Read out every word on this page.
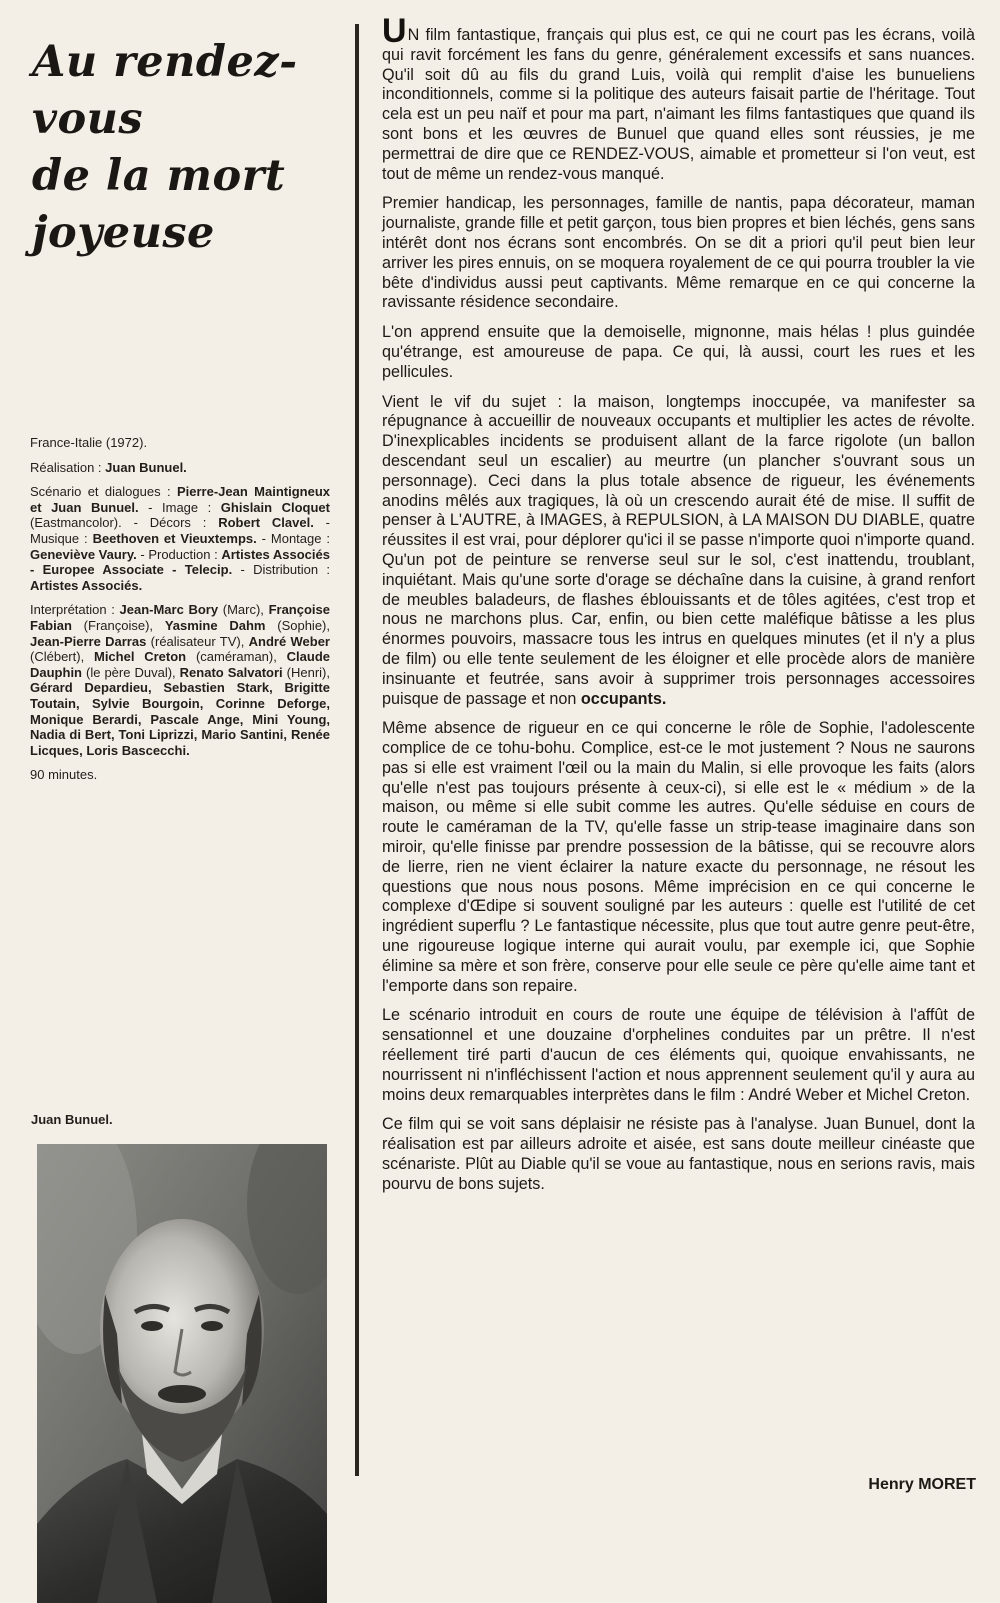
Au rendez-vous
de la mort
joyeuse

France-Italie (1972).

Réalisation : Juan Bunuel.

Scénario et dialogues : Pierre-Jean Maintigneux et Juan Bunuel. - Image : Ghislain Cloquet (Eastmancolor). - Décors : Robert Clavel. - Musique : Beethoven et Vieuxtemps. - Montage : Geneviève Vaury. - Production : Artistes Associés - Europee Associate - Telecip. - Distribution : Artistes Associés.

Interprétation : Jean-Marc Bory (Marc), Françoise Fabian (Françoise), Yasmine Dahm (Sophie), Jean-Pierre Darras (réalisateur TV), André Weber (Clébert), Michel Creton (caméraman), Claude Dauphin (le père Duval), Renato Salvatori (Henri), Gérard Depardieu, Sebastien Stark, Brigitte Toutain, Sylvie Bourgoin, Corinne Deforge, Monique Berardi, Pascale Ange, Mini Young, Nadia di Bert, Toni Liprizzi, Mario Santini, Renée Licques, Loris Bascecchi.

90 minutes.

Juan Bunuel.

UN film fantastique, français qui plus est, ce qui ne court pas les écrans, voilà qui ravit forcément les fans du genre, généralement excessifs et sans nuances. Qu'il soit dû au fils du grand Luis, voilà qui remplit d'aise les bunueliens inconditionnels, comme si la politique des auteurs faisait partie de l'héritage. Tout cela est un peu naïf et pour ma part, n'aimant les films fantastiques que quand ils sont bons et les œuvres de Bunuel que quand elles sont réussies, je me permettrai de dire que ce RENDEZ-VOUS, aimable et prometteur si l'on veut, est tout de même un rendez-vous manqué.

Premier handicap, les personnages, famille de nantis, papa décorateur, maman journaliste, grande fille et petit garçon, tous bien propres et bien léchés, gens sans intérêt dont nos écrans sont encombrés. On se dit a priori qu'il peut bien leur arriver les pires ennuis, on se moquera royalement de ce qui pourra troubler la vie bête d'individus aussi peut captivants. Même remarque en ce qui concerne la ravissante résidence secondaire.

L'on apprend ensuite que la demoiselle, mignonne, mais hélas ! plus guindée qu'étrange, est amoureuse de papa. Ce qui, là aussi, court les rues et les pellicules.

Vient le vif du sujet : la maison, longtemps inoccupée, va manifester sa répugnance à accueillir de nouveaux occupants et multiplier les actes de révolte. D'inexplicables incidents se produisent allant de la farce rigolote (un ballon descendant seul un escalier) au meurtre (un plancher s'ouvrant sous un personnage). Ceci dans la plus totale absence de rigueur, les événements anodins mêlés aux tragiques, là où un crescendo aurait été de mise. Il suffit de penser à L'AUTRE, à IMAGES, à REPULSION, à LA MAISON DU DIABLE, quatre réussites il est vrai, pour déplorer qu'ici il se passe n'importe quoi n'importe quand. Qu'un pot de peinture se renverse seul sur le sol, c'est inattendu, troublant, inquiétant. Mais qu'une sorte d'orage se déchaîne dans la cuisine, à grand renfort de meubles baladeurs, de flashes éblouissants et de tôles agitées, c'est trop et nous ne marchons plus. Car, enfin, ou bien cette maléfique bâtisse a les plus énormes pouvoirs, massacre tous les intrus en quelques minutes (et il n'y a plus de film) ou elle tente seulement de les éloigner et elle procède alors de manière insinuante et feutrée, sans avoir à supprimer trois personnages accessoires puisque de passage et non occupants.

Même absence de rigueur en ce qui concerne le rôle de Sophie, l'adolescente complice de ce tohu-bohu. Complice, est-ce le mot justement ? Nous ne saurons pas si elle est vraiment l'œil ou la main du Malin, si elle provoque les faits (alors qu'elle n'est pas toujours présente à ceux-ci), si elle est le « médium » de la maison, ou même si elle subit comme les autres. Qu'elle séduise en cours de route le caméraman de la TV, qu'elle fasse un strip-tease imaginaire dans son miroir, qu'elle finisse par prendre possession de la bâtisse, qui se recouvre alors de lierre, rien ne vient éclairer la nature exacte du personnage, ne résout les questions que nous nous posons. Même imprécision en ce qui concerne le complexe d'Œdipe si souvent souligné par les auteurs : quelle est l'utilité de cet ingrédient superflu ? Le fantastique nécessite, plus que tout autre genre peut-être, une rigoureuse logique interne qui aurait voulu, par exemple ici, que Sophie élimine sa mère et son frère, conserve pour elle seule ce père qu'elle aime tant et l'emporte dans son repaire.

Le scénario introduit en cours de route une équipe de télévision à l'affût de sensationnel et une douzaine d'orphelines conduites par un prêtre. Il n'est réellement tiré parti d'aucun de ces éléments qui, quoique envahissants, ne nourrissent ni n'infléchissent l'action et nous apprennent seulement qu'il y aura au moins deux remarquables interprètes dans le film : André Weber et Michel Creton.

Ce film qui se voit sans déplaisir ne résiste pas à l'analyse. Juan Bunuel, dont la réalisation est par ailleurs adroite et aisée, est sans doute meilleur cinéaste que scénariste. Plût au Diable qu'il se voue au fantastique, nous en serions ravis, mais pourvu de bons sujets.

Henry MORET
